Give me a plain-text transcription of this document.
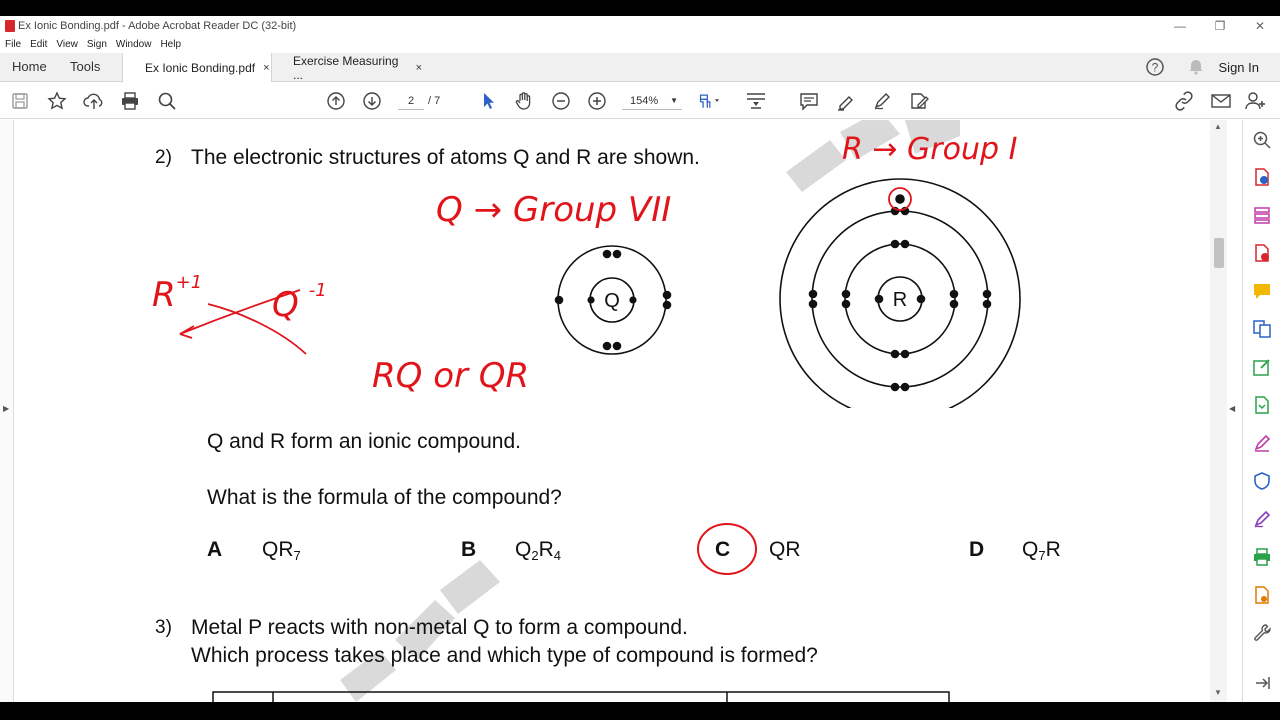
Ex Ionic Bonding.pdf - Adobe Acrobat Reader DC (32-bit)	—	❐	✕
File Edit View Sign Window Help
Home Tools	Ex Ionic Bonding.pdf ×
Exercise Measuring ...	×	?	Sign In
2	/ 7	154% ▼
▶
2) The electronic structures of atoms Q and R are shown.
Q	R
Q → Group VII
R → Group I
$R^{+1}$
Q $^{-1}$
RQ or QR
Q and R form an ionic compound.
What is the formula of the compound?
A $QR_7$	B $Q_2R_4$	C QR	D $Q_7R$
3) Metal P reacts with non-metal Q to form a compound.
Which process takes place and which type of compound is formed?
▲
▼
◀
